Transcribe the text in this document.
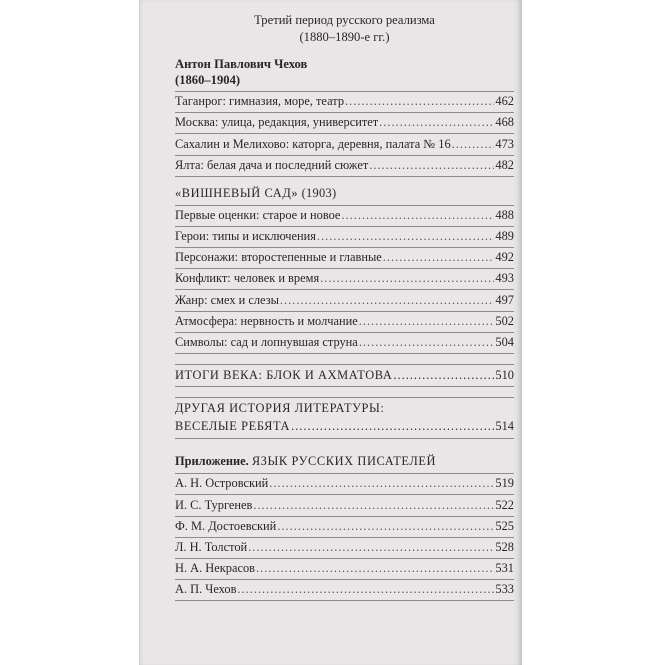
Третий период русского реализма
(1880–1890-е гг.)
Антон Павлович Чехов
(1860–1904)
Таганрог: гимназия, море, театр .....	462
Москва: улица, редакция, университет .....	468
Сахалин и Мелихово: каторга, деревня, палата № 16 .....	473
Ялта: белая дача и последний сюжет .....	482
«ВИШНЕВЫЙ САД» (1903)
Первые оценки: старое и новое .....	488
Герои: типы и исключения .....	489
Персонажи: второстепенные и главные .....	492
Конфликт: человек и время .....	493
Жанр: смех и слезы .....	497
Атмосфера: нервность и молчание .....	502
Символы: сад и лопнувшая струна .....	504
ИТОГИ ВЕКА: БЛОК И АХМАТОВА .....	510
ДРУГАЯ ИСТОРИЯ ЛИТЕРАТУРЫ:
ВЕСЕЛЫЕ РЕБЯТА .....	514
Приложение. ЯЗЫК РУССКИХ ПИСАТЕЛЕЙ
А. Н. Островский .....	519
И. С. Тургенев .....	522
Ф. М. Достоевский .....	525
Л. Н. Толстой .....	528
Н. А. Некрасов .....	531
А. П. Чехов .....	533
